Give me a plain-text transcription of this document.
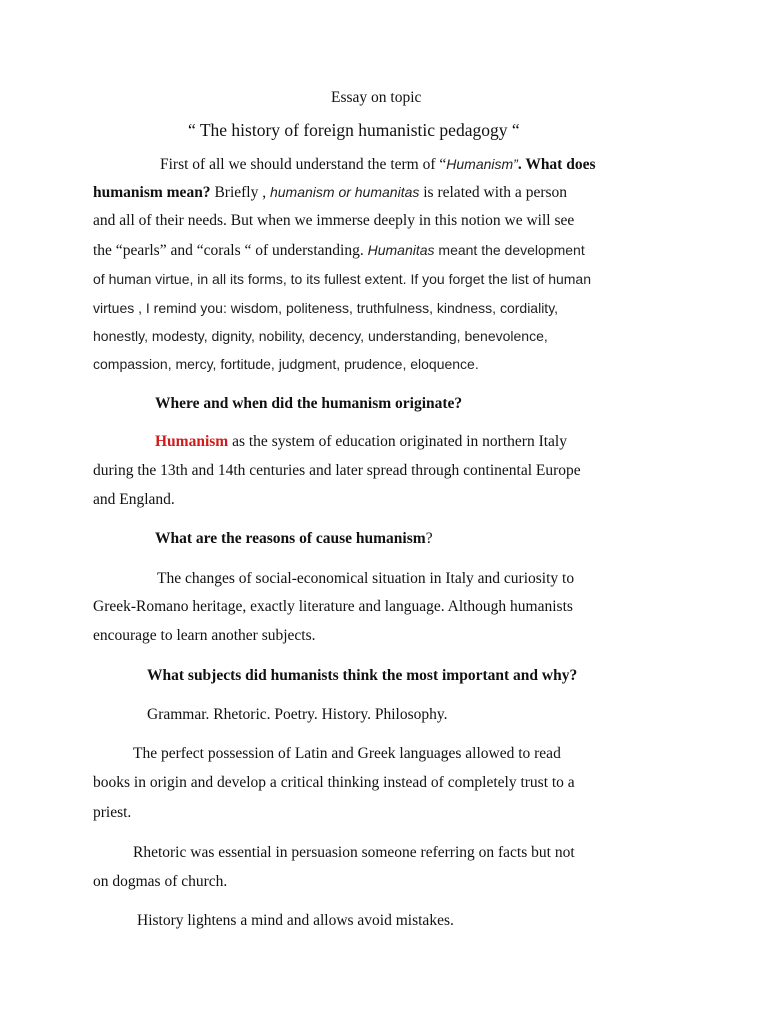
Essay on topic
“ The history of foreign humanistic pedagogy “
First of all we should understand the term of “Humanism”. What does
humanism mean? Briefly , humanism or humanitas is related with a person
and all of their needs. But when we immerse deeply in this notion we will see
the “pearls” and “corals “ of understanding. Humanitas meant the development
of human virtue, in all its forms, to its fullest extent. If you forget the list of human
virtues , I remind you: wisdom, politeness, truthfulness, kindness, cordiality,
honestly, modesty, dignity, nobility, decency, understanding, benevolence,
compassion, mercy, fortitude, judgment, prudence, eloquence.
Where and when did the humanism originate?
Humanism as the system of education originated in northern Italy
during the 13th and 14th centuries and later spread through continental Europe
and England.
What are the reasons of cause humanism?
The changes of social-economical situation in Italy and curiosity to
Greek-Romano heritage, exactly literature and language. Although humanists
encourage to learn another subjects.
What subjects did humanists think the most important and why?
Grammar. Rhetoric. Poetry. History. Philosophy.
The perfect possession of Latin and Greek languages allowed to read
books in origin and develop a critical thinking instead of completely trust to a
priest.
Rhetoric was essential in persuasion someone referring on facts but not
on dogmas of church.
History lightens a mind and allows avoid mistakes.
